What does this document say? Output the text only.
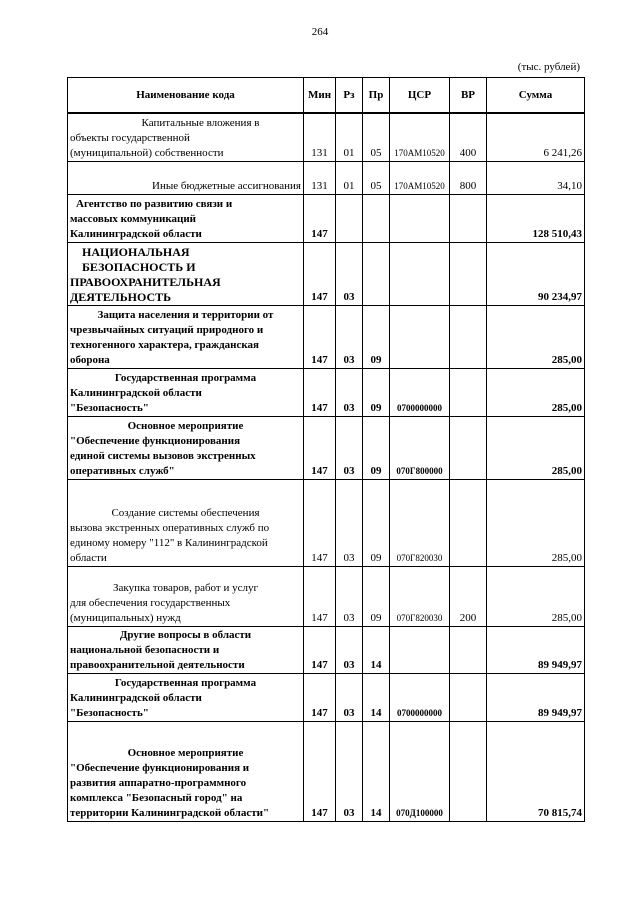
264
(тыс. рублей)
Наименование кода	Мин	Рз	Пр	ЦСР	ВР	Сумма

Капитальные вложения в
объекты государственной
(муниципальной) собственности	131	01	05	170АМ10520	400	6 241,26
Иные бюджетные ассигнования	131	01	05	170АМ10520	800	34,10

Агентство по развитию связи и
массовых коммуникаций
Калининградской области	147					128 510,43

НАЦИОНАЛЬНАЯ
БЕЗОПАСНОСТЬ И
ПРАВООХРАНИТЕЛЬНАЯ
ДЕЯТЕЛЬНОСТЬ	147	03				90 234,97

Защита населения и территории от
чрезвычайных ситуаций природного и
техногенного характера, гражданская
оборона	147	03	09			285,00

Государственная программа
Калининградской области
"Безопасность"	147	03	09	0700000000		285,00

Основное мероприятие
"Обеспечение функционирования
единой системы вызовов экстренных
оперативных служб"	147	03	09	070Г800000		285,00

Создание системы обеспечения
вызова экстренных оперативных служб по
единому номеру "112" в Калининградской
области	147	03	09	070Г820030		285,00

Закупка товаров, работ и услуг
для обеспечения государственных
(муниципальных) нужд	147	03	09	070Г820030	200	285,00

Другие вопросы в области
национальной безопасности и
правоохранительной деятельности	147	03	14			89 949,97

Государственная программа
Калининградской области
"Безопасность"	147	03	14	0700000000		89 949,97

Основное мероприятие
"Обеспечение функционирования и
развития аппаратно-программного
комплекса "Безопасный город" на
территории Калининградской области"	147	03	14	070Д100000		70 815,74
